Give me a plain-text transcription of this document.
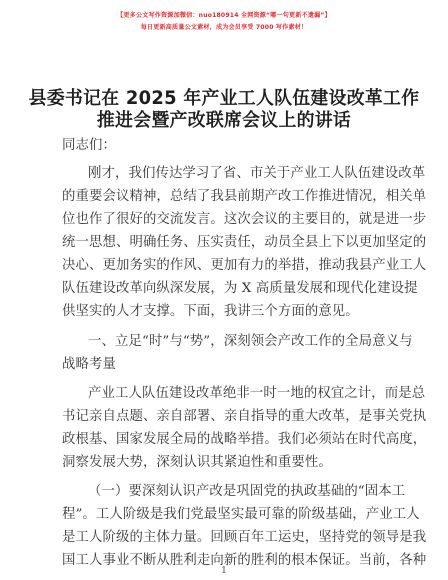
【更多公文写作资源加微信：nuo180914 全网资源“哪一句更新不遗漏”】
每日更新高质量公文素材，成为会员享受 7000 写作素材！
县委书记在 2025 年产业工人队伍建设改革工作
推进会暨产改联席会议上的讲话
同志们：
刚才，我们传达学习了省、市关于产业工人队伍建设改革
的重要会议精神，总结了我县前期产改工作推进情况，相关单
位也作了很好的交流发言。这次会议的主要目的，就是进一步
统一思想、明确任务、压实责任，动员全县上下以更加坚定的
决心、更加务实的作风、更加有力的举措，推动我县产业工人
队伍建设改革向纵深发展，为 X 高质量发展和现代化建设提
供坚实的人才支撑。下面，我讲三个方面的意见。
一、立足“时”与“势”，深刻领会产改工作的全局意义与
战略考量
产业工人队伍建设改革绝非一时一地的权宜之计，而是总
书记亲自点题、亲自部署、亲自指导的重大改革，是事关党执
政根基、国家发展全局的战略举措。我们必须站在时代高度，
洞察发展大势，深刻认识其紧迫性和重要性。
（一）要深刻认识产改是巩固党的执政基础的“固本工
程”。工人阶级是我们党最坚实最可靠的阶级基础，产业工人
是工人阶级的主体力量。回顾百年工运史，坚持党的领导是我
国工人事业不断从胜利走向新的胜利的根本保证。当前，各种
1
